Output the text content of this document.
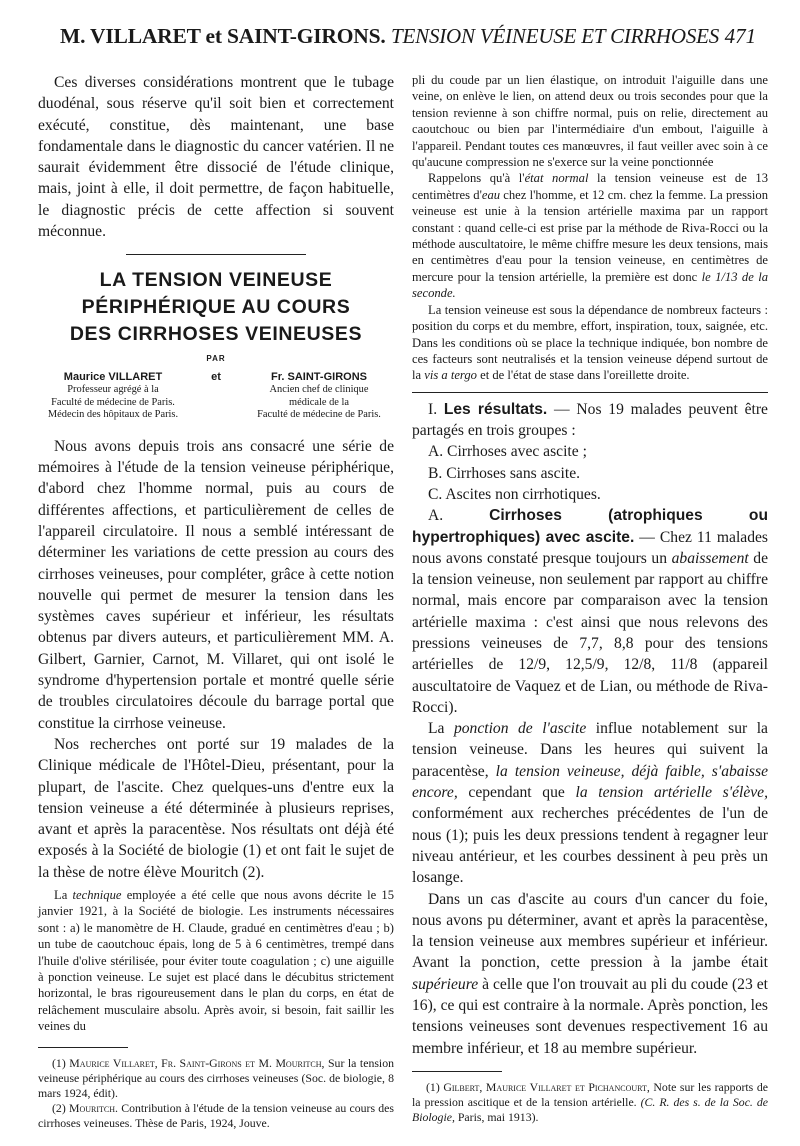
M. VILLARET et SAINT-GIRONS. TENSION VÉINEUSE ET CIRRHOSES 471

Ces diverses considérations montrent que le tubage duodénal, sous réserve qu'il soit bien et correctement exécuté, constitue, dès maintenant, une base fondamentale dans le diagnostic du cancer vatérien. Il ne saurait évidemment être dissocié de l'étude clinique, mais, joint à elle, il doit permettre, de façon habituelle, le diagnostic précis de cette affection si souvent méconnue.

LA TENSION VEINEUSE
PÉRIPHÉRIQUE AU COURS
DES CIRRHOSES VEINEUSES
PAR
Maurice VILLARET
Professeur agrégé à la
Faculté de médecine de Paris.
Médecin des hôpitaux de Paris.
et	Fr. SAINT-GIRONS
Ancien chef de clinique
médicale de la
Faculté de médecine de Paris.

Nous avons depuis trois ans consacré une série de mémoires à l'étude de la tension veineuse périphérique, d'abord chez l'homme normal, puis au cours de différentes affections, et particulièrement de celles de l'appareil circulatoire. Il nous a semblé intéressant de déterminer les variations de cette pression au cours des cirrhoses veineuses, pour compléter, grâce à cette notion nouvelle qui permet de mesurer la tension dans les systèmes caves supérieur et inférieur, les résultats obtenus par divers auteurs, et particulièrement MM. A. Gilbert, Garnier, Carnot, M. Villaret, qui ont isolé le syndrome d'hypertension portale et montré quelle série de troubles circulatoires découle du barrage portal que constitue la cirrhose veineuse.

Nos recherches ont porté sur 19 malades de la Clinique médicale de l'Hôtel-Dieu, présentant, pour la plupart, de l'ascite. Chez quelques-uns d'entre eux la tension veineuse a été déterminée à plusieurs reprises, avant et après la paracentèse. Nos résultats ont déjà été exposés à la Société de biologie (1) et ont fait le sujet de la thèse de notre élève Mouritch (2).

La technique employée a été celle que nous avons décrite le 15 janvier 1921, à la Société de biologie. Les instruments nécessaires sont : a) le manomètre de H. Claude, gradué en centimètres d'eau ; b) un tube de caoutchouc épais, long de 5 à 6 centimètres, trempé dans l'huile d'olive stérilisée, pour éviter toute coagulation ; c) une aiguille à ponction veineuse. Le sujet est placé dans le décubitus strictement horizontal, le bras rigoureusement dans le plan du corps, en état de relâchement musculaire absolu. Après avoir, si besoin, fait saillir les veines du

(1) Maurice Villaret, Fr. Saint-Girons et M. Mouritch, Sur la tension veineuse périphérique au cours des cirrhoses veineuses (Soc. de biologie, 8 mars 1924, édit).

(2) Mouritch. Contribution à l'étude de la tension veineuse au cours des cirrhoses veineuses. Thèse de Paris, 1924, Jouve.

pli du coude par un lien élastique, on introduit l'aiguille dans une veine, on enlève le lien, on attend deux ou trois secondes pour que la tension revienne à son chiffre normal, puis on relie, directement au caoutchouc ou bien par l'intermédiaire d'un embout, l'aiguille à l'appareil. Pendant toutes ces manœuvres, il faut veiller avec soin à ce qu'aucune compression ne s'exerce sur la veine ponctionnée

Rappelons qu'à l'état normal la tension veineuse est de 13 centimètres d'eau chez l'homme, et 12 cm. chez la femme. La pression veineuse est unie à la tension artérielle maxima par un rapport constant : quand celle-ci est prise par la méthode de Riva-Rocci ou la méthode auscultatoire, le même chiffre mesure les deux tensions, mais en centimètres d'eau pour la tension veineuse, en centimètres de mercure pour la tension artérielle, la première est donc le 1/13 de la seconde.

La tension veineuse est sous la dépendance de nombreux facteurs : position du corps et du membre, effort, inspiration, toux, saignée, etc. Dans les conditions où se place la technique indiquée, bon nombre de ces facteurs sont neutralisés et la tension veineuse dépend surtout de la vis a tergo et de l'état de stase dans l'oreillette droite.

I. Les résultats. — Nos 19 malades peuvent être partagés en trois groupes :

A. Cirrhoses avec ascite ;

B. Cirrhoses sans ascite.

C. Ascites non cirrhotiques.

A.	Cirrhoses (atrophiques ou hypertrophiques) avec ascite. — Chez 11 malades nous avons constaté presque toujours un abaissement de la tension veineuse, non seulement par rapport au chiffre normal, mais encore par comparaison avec la tension artérielle maxima : c'est ainsi que nous relevons des pressions veineuses de 7,7, 8,8 pour des tensions artérielles de 12/9, 12,5/9, 12/8, 11/8 (appareil auscultatoire de Vaquez et de Lian, ou méthode de Riva-Rocci).

La ponction de l'ascite influe notablement sur la tension veineuse. Dans les heures qui suivent la paracentèse, la tension veineuse, déjà faible, s'abaisse encore, cependant que la tension artérielle s'élève, conformément aux recherches précédentes de l'un de nous (1); puis les deux pressions tendent à regagner leur niveau antérieur, et les courbes dessinent à peu près un losange.

Dans un cas d'ascite au cours d'un cancer du foie, nous avons pu déterminer, avant et après la paracentèse, la tension veineuse aux membres supérieur et inférieur. Avant la ponction, cette pression à la jambe était supérieure à celle que l'on trouvait au pli du coude (23 et 16), ce qui est contraire à la normale. Après ponction, les tensions veineuses sont devenues respectivement 16 au membre inférieur, et 18 au membre supérieur.

(1) Gilbert, Maurice Villaret et Pichancourt, Note sur les rapports de la pression ascitique et de la tension artérielle. (C. R. des s. de la Soc. de Biologie, Paris, mai 1913).
